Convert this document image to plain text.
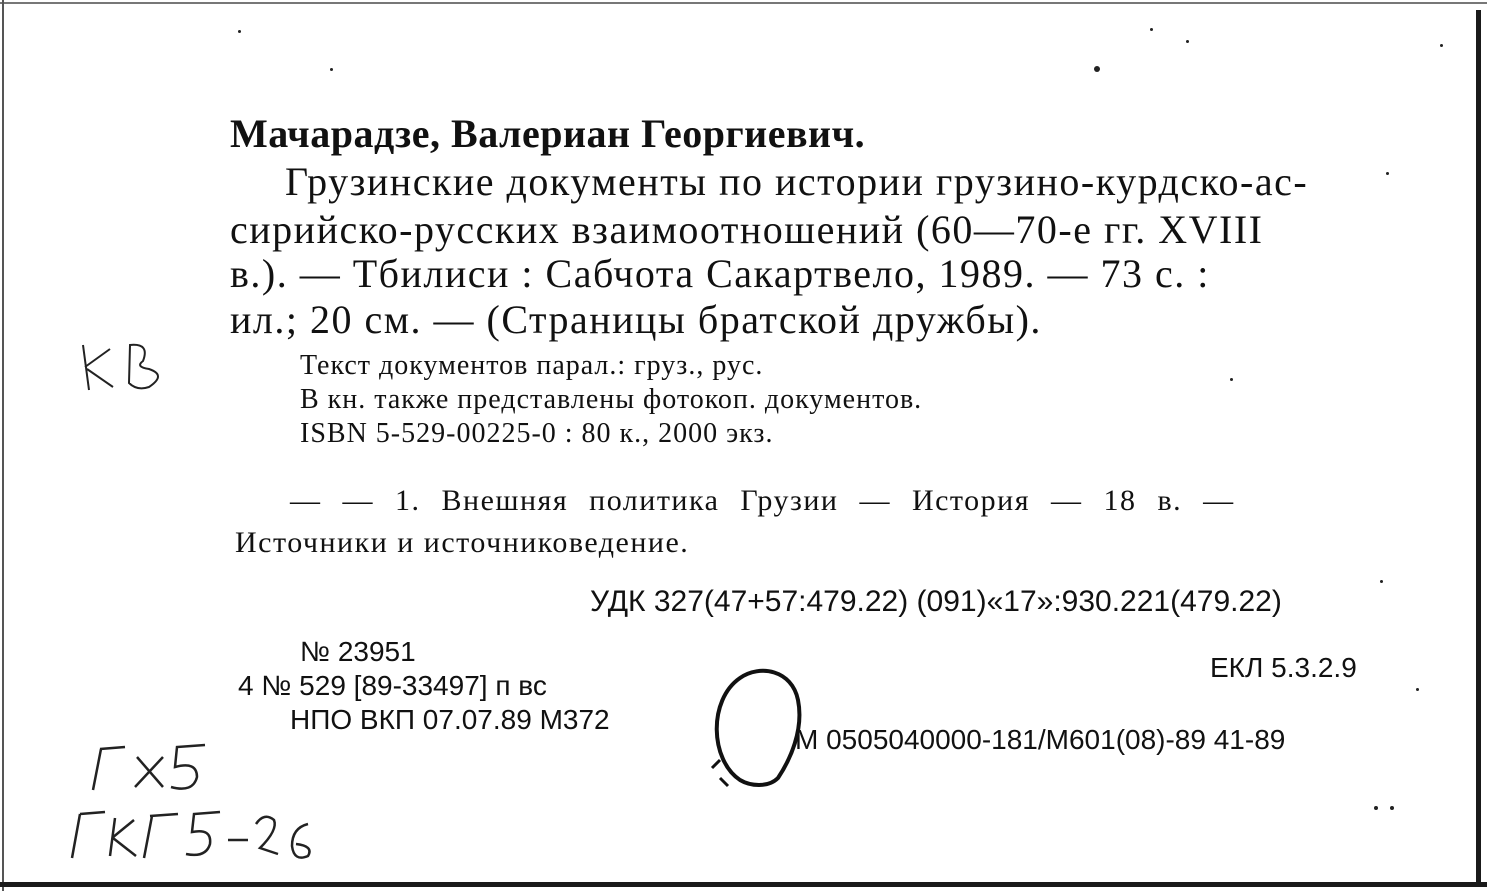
Мачарадзе, Валериан Георгиевич.
Грузинские документы по истории грузино-курдско-ас-
сирийско-русских взаимоотношений (60—70-е гг. XVIII
в.). — Тбилиси : Сабчота Сакартвело, 1989. — 73 с. :
ил.; 20 см. — (Страницы братской дружбы).
Текст документов парал.: груз., рус.
В кн. также представлены фотокоп. документов.
ISBN 5-529-00225-0 : 80 к., 2000 экз.
— — 1. Внешняя политика Грузии — История — 18 в. —
Источники и источниковедение.
УДК 327(47+57:479.22) (091)«17»:930.221(479.22)
№ 23951
4 № 529 [89-33497] п вс
НПО ВКП 07.07.89 М372
ЕКЛ 5.3.2.9
М 0505040000-181/М601(08)-89 41-89
